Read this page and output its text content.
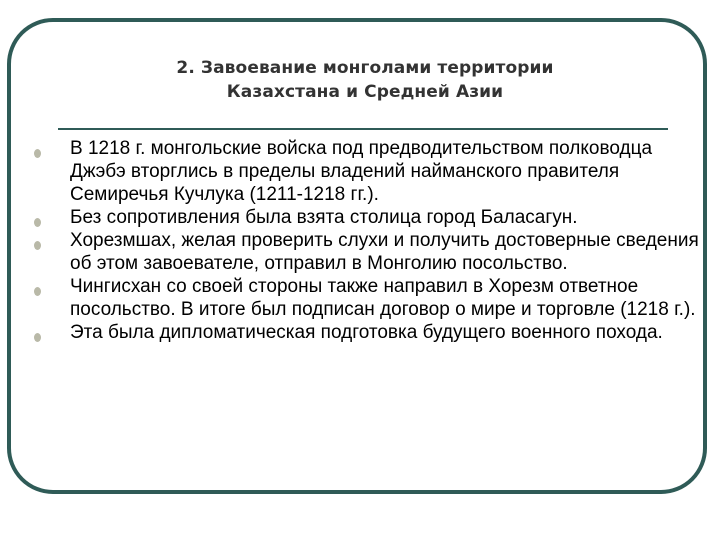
2. Завоевание монголами территории
Казахстана и Средней Азии
В 1218 г. монгольские войска под предводительством полководца Джэбэ вторглись в пределы владений найманского правителя Семиречья Кучлука (1211-1218 гг.).
Без сопротивления была взята столица город Баласагун.
Хорезмшах, желая проверить слухи и получить достоверные сведения об этом завоевателе, отправил в Монголию посольство.
Чингисхан со своей стороны также направил в Хорезм ответное посольство. В итоге был подписан договор о мире и торговле (1218 г.).
Эта была дипломатическая подготовка будущего военного похода.
